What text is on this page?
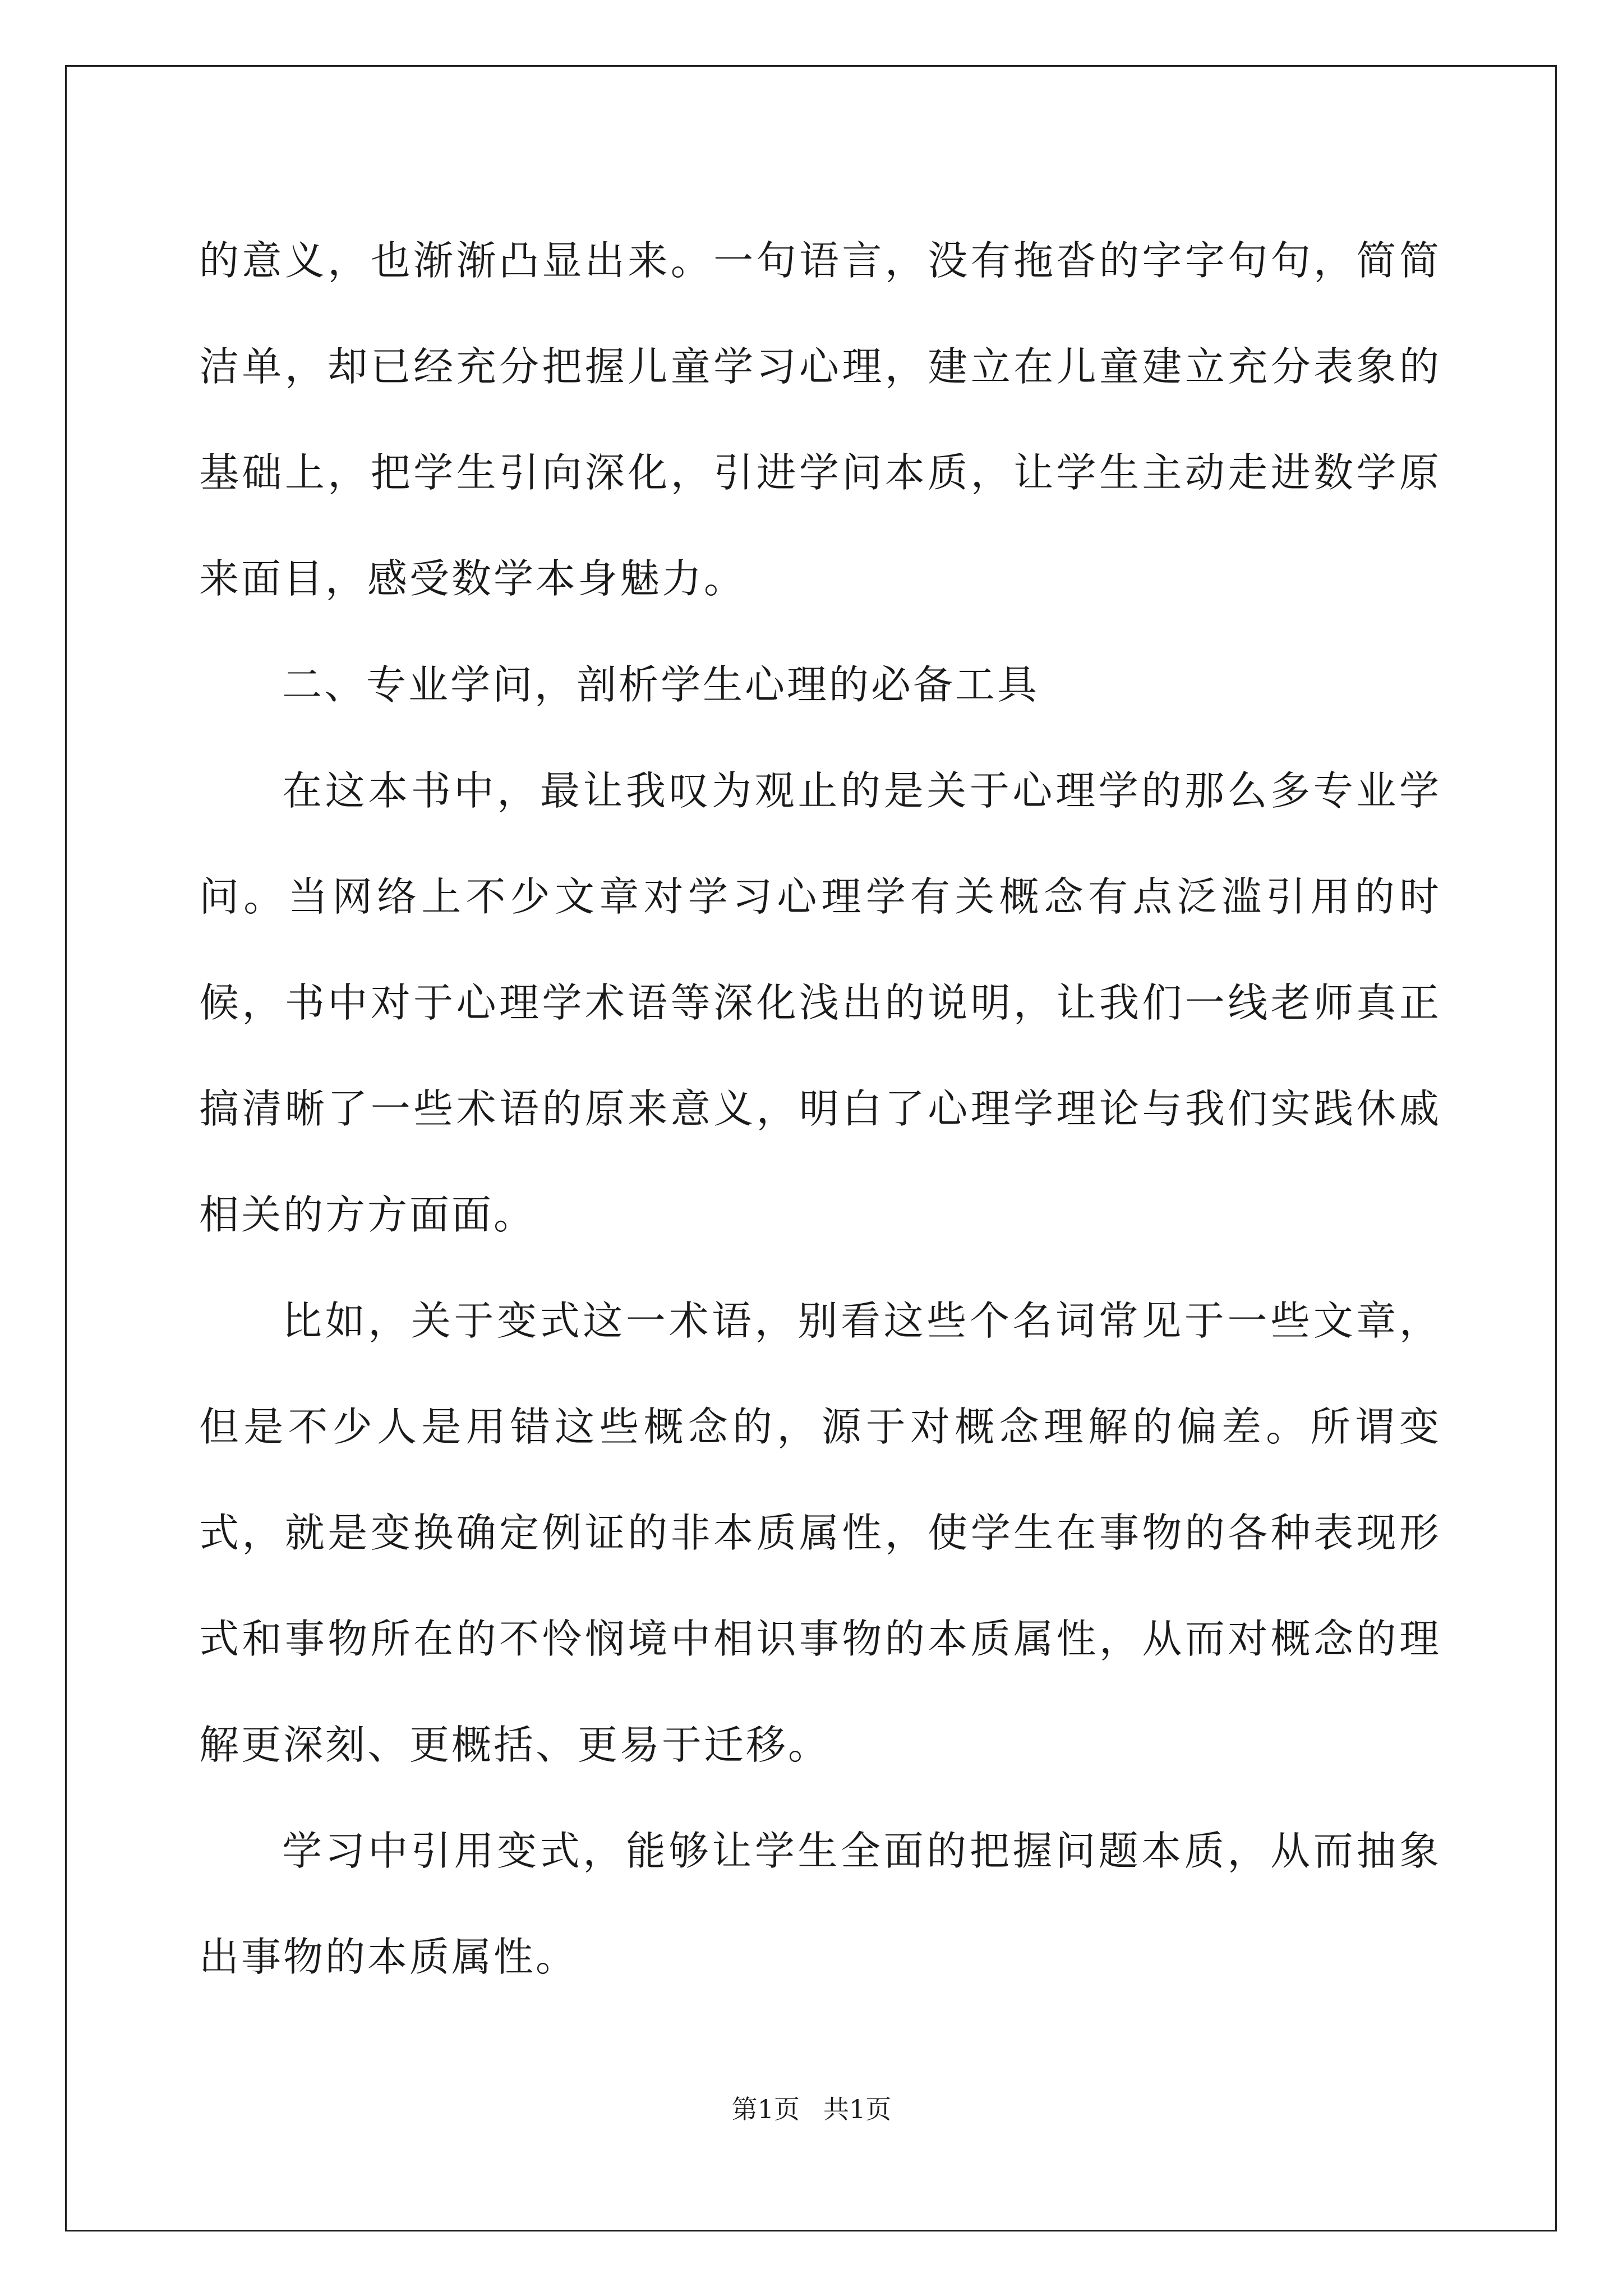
的意义，也渐渐凸显出来。一句语言，没有拖沓的字字句句，简简洁单，却已经充分把握儿童学习心理，建立在儿童建立充分表象的基础上，把学生引向深化，引进学问本质，让学生主动走进数学原来面目，感受数学本身魅力。

二、专业学问，剖析学生心理的必备工具

在这本书中，最让我叹为观止的是关于心理学的那么多专业学问。当网络上不少文章对学习心理学有关概念有点泛滥引用的时候，书中对于心理学术语等深化浅出的说明，让我们一线老师真正搞清晰了一些术语的原来意义，明白了心理学理论与我们实践休戚相关的方方面面。

比如，关于变式这一术语，别看这些个名词常见于一些文章，但是不少人是用错这些概念的，源于对概念理解的偏差。所谓变式，就是变换确定例证的非本质属性，使学生在事物的各种表现形式和事物所在的不怜悯境中相识事物的本质属性，从而对概念的理解更深刻、更概括、更易于迁移。

学习中引用变式，能够让学生全面的把握问题本质，从而抽象出事物的本质属性。

第1页 共1页
